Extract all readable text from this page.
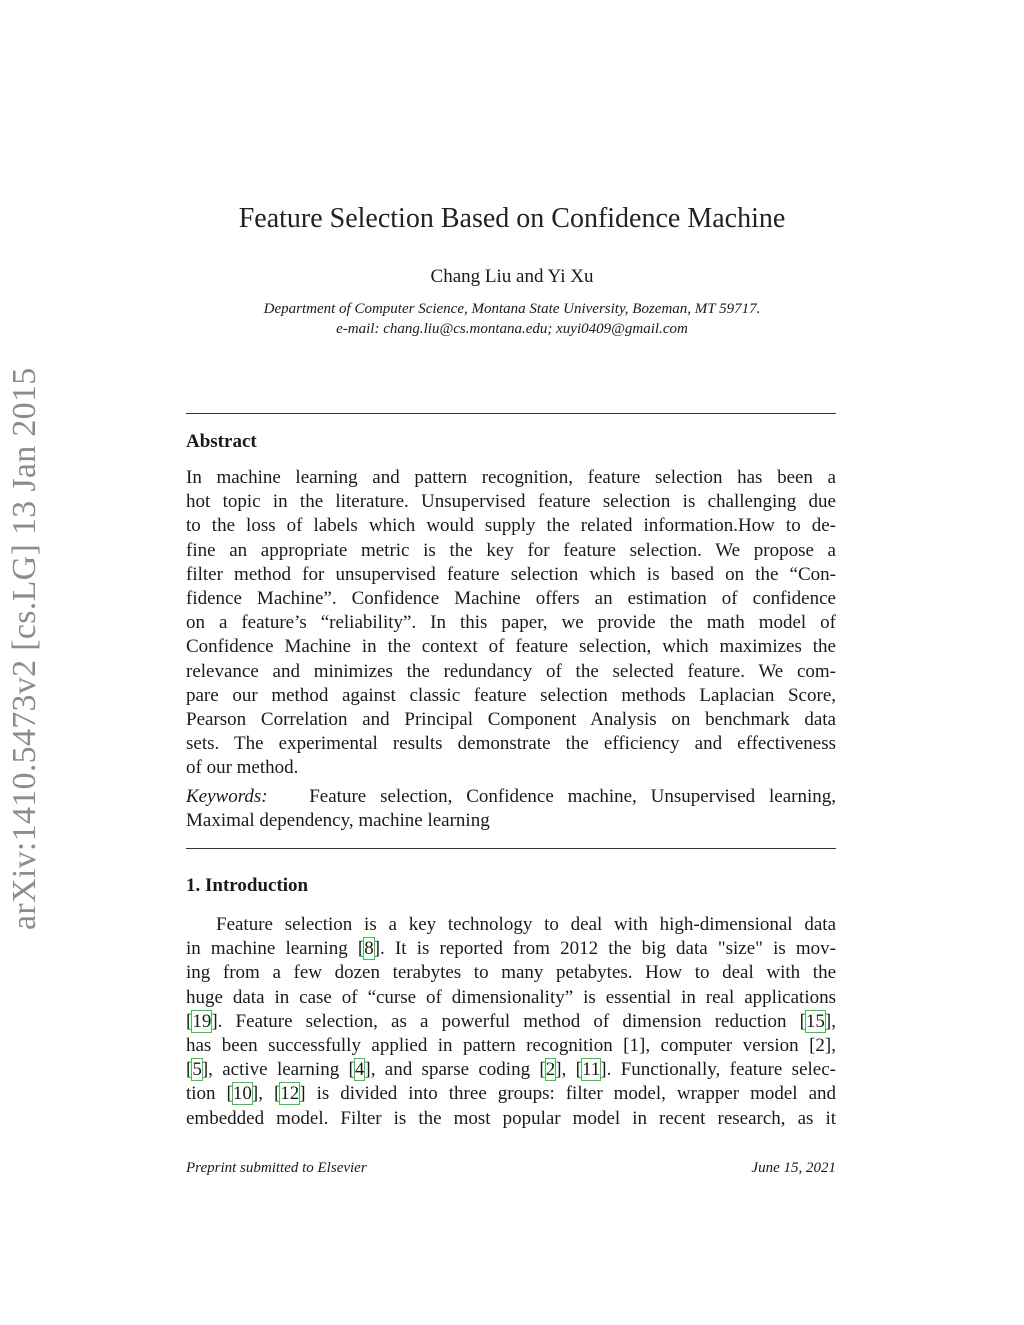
arXiv:1410.5473v2 [cs.LG] 13 Jan 2015
Feature Selection Based on Confidence Machine
Chang Liu and Yi Xu
Department of Computer Science, Montana State University, Bozeman, MT 59717.
e-mail: chang.liu@cs.montana.edu; xuyi0409@gmail.com
Abstract
In machine learning and pattern recognition, feature selection has been a
hot topic in the literature. Unsupervised feature selection is challenging due
to the loss of labels which would supply the related information.How to de-
fine an appropriate metric is the key for feature selection. We propose a
filter method for unsupervised feature selection which is based on the “Con-
fidence Machine”. Confidence Machine offers an estimation of confidence
on a feature’s “reliability”. In this paper, we provide the math model of
Confidence Machine in the context of feature selection, which maximizes the
relevance and minimizes the redundancy of the selected feature. We com-
pare our method against classic feature selection methods Laplacian Score,
Pearson Correlation and Principal Component Analysis on benchmark data
sets. The experimental results demonstrate the efficiency and effectiveness
of our method.
Keywords: Feature selection, Confidence machine, Unsupervised learning,
Maximal dependency, machine learning
1. Introduction
Feature selection is a key technology to deal with high-dimensional data
in machine learning [8]. It is reported from 2012 the big data "size" is mov-
ing from a few dozen terabytes to many petabytes. How to deal with the
huge data in case of “curse of dimensionality” is essential in real applications
[19]. Feature selection, as a powerful method of dimension reduction [15],
has been successfully applied in pattern recognition [1], computer version [2],
[5], active learning [4], and sparse coding [2], [11]. Functionally, feature selec-
tion [10], [12] is divided into three groups: filter model, wrapper model and
embedded model. Filter is the most popular model in recent research, as it
Preprint submitted to Elsevier	June 15, 2021
